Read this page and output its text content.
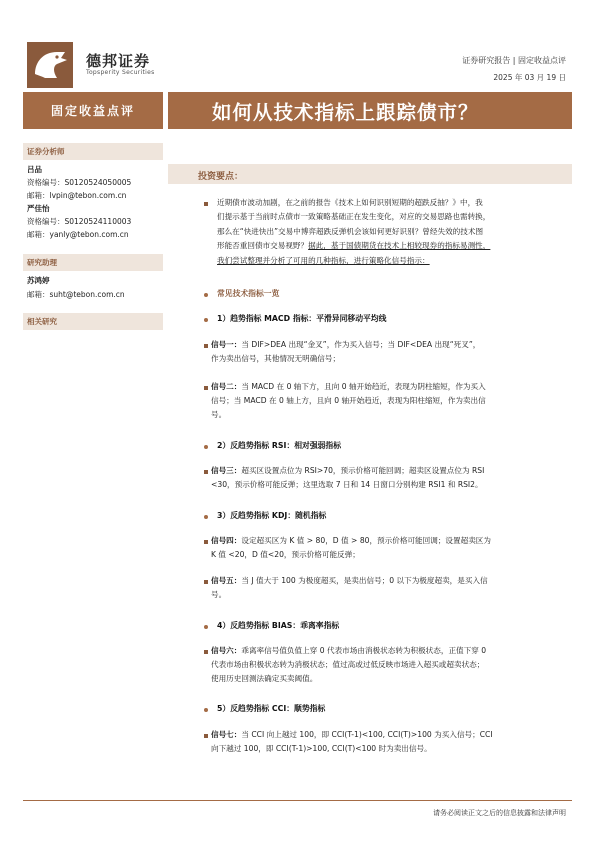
德邦证券
Topsperity Securities
证券研究报告 | 固定收益点评
2025 年 03 月 19 日
固定收益点评	如何从技术指标上跟踪债市？
证券分析师
吕品
资格编号：S0120524050005
邮箱：lvpin@tebon.com.cn
严佳怡
资格编号：S0120524110003
邮箱：yanly@tebon.com.cn
研究助理
苏鸿婷
邮箱：suht@tebon.com.cn
相关研究
投资要点：
近期债市波动加剧，在之前的报告《技术上如何识别短期的超跌反抽？》中，我
们提示基于当前时点债市一致策略基础正在发生变化，对应的交易思路也需转换，
那么在“快进快出”交易中博弈超跌反弹机会该如何更好识别？曾经失效的技术图
形能否重回债市交易视野？据此，基于国债期货在技术上相较现券的指标易测性，
我们尝试整理并分析了可用的几种指标，进行策略化信号指示：
常见技术指标一览
1）趋势指标 MACD 指标：平滑异同移动平均线
信号一：当 DIF>DEA 出现“金叉”，作为买入信号；当 DIF<DEA 出现“死叉”，
作为卖出信号，其他情况无明确信号；
信号二：当 MACD 在 0 轴下方，且向 0 轴开始趋近，表现为阴柱缩短，作为买入
信号；当 MACD 在 0 轴上方，且向 0 轴开始趋近，表现为阳柱缩短，作为卖出信
号。
2）反趋势指标 RSI：相对强弱指标
信号三：超买区设置点位为 RSI>70，预示价格可能回调；超卖区设置点位为 RSI
<30，预示价格可能反弹；这里选取 7 日和 14 日窗口分别构建 RSI1 和 RSI2。
3）反趋势指标 KDJ：随机指标
信号四：设定超买区为 K 值 > 80，D 值 > 80，预示价格可能回调；设置超卖区为
K 值 <20，D 值<20，预示价格可能反弹；
信号五：当 J 值大于 100 为极度超买，是卖出信号；0 以下为极度超卖，是买入信
号。
4）反趋势指标 BIAS：乖离率指标
信号六：乖离率信号值负值上穿 0 代表市场由消极状态转为积极状态，正值下穿 0
代表市场由积极状态转为消极状态；值过高或过低反映市场进入超买或超卖状态；
使用历史回测法确定买卖阈值。
5）反趋势指标 CCI：顺势指标
信号七：当 CCI 向上越过 100，即 CCI(T-1)<100, CCI(T)>100 为买入信号；CCI
向下越过 100，即 CCI(T-1)>100, CCI(T)<100 时为卖出信号。
请务必阅读正文之后的信息披露和法律声明
